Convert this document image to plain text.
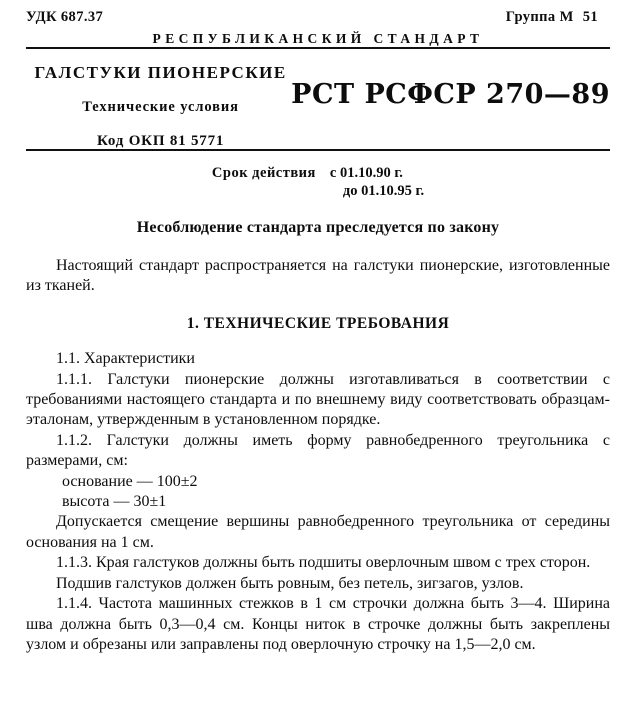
УДК 687.37	Группа М 51
РЕСПУБЛИКАНСКИЙ СТАНДАРТ
ГАЛСТУКИ ПИОНЕРСКИЕ
Технические условия
Код ОКП 81 5771
РСТ РСФСР 270—89
Срок действия с 01.10.90 г.
до 01.10.95 г.
Несоблюдение стандарта преследуется по закону

Настоящий стандарт распространяется на галстуки пионерские, изготовленные из тканей.

1. ТЕХНИЧЕСКИЕ ТРЕБОВАНИЯ

1.1. Характеристики

1.1.1. Галстуки пионерские должны изготавливаться в соответствии с требованиями настоящего стандарта и по внешнему виду соответствовать образцам-эталонам, утвержденным в установленном порядке.

1.1.2. Галстуки должны иметь форму равнобедренного треугольника с размерами, см:

основание — 100±2

высота — 30±1

Допускается смещение вершины равнобедренного треугольника от середины основания на 1 см.

1.1.3. Края галстуков должны быть подшиты оверлочным швом с трех сторон.

Подшив галстуков должен быть ровным, без петель, зигзагов, узлов.

1.1.4. Частота машинных стежков в 1 см строчки должна быть 3—4. Ширина шва должна быть 0,3—0,4 см. Концы ниток в строчке должны быть закреплены узлом и обрезаны или заправлены под оверлочную строчку на 1,5—2,0 см.
